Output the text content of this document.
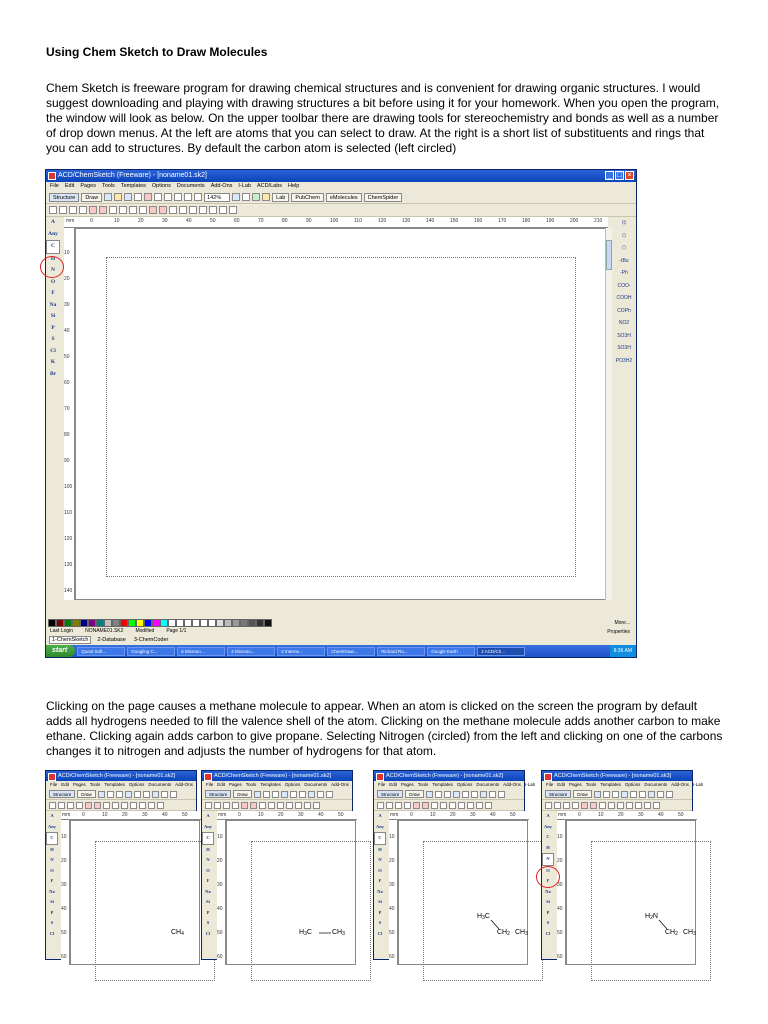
Using Chem Sketch to Draw Molecules
Chem Sketch is freeware program for drawing chemical structures and is convenient for drawing organic structures. I would suggest downloading and playing with drawing structures a bit before using it for your homework. When you open the program, the window will look as below. On the upper toolbar there are drawing tools for stereochemistry and bonds as well as a number of drop down menus. At the left are atoms that you can select to draw. At the right is a short list of substituents and rings that you can add to structures. By default the carbon atom is selected (left circled)
ACD/ChemSketch (Freeware) - [noname01.sk2]	_ □ ×
File Edit Pages Tools Templates Options Documents Add-Ons I-Lab ACD/Labs Help
Structure	Draw	142%	Lab	PubChem	eMolecules	ChemSpider
A
Any
C
H
N
O
F
Na
Si
P
S
Cl
K
Br
⌬
⬡
⬠
-tBu
-Ph
COO-
COOH
COPh
NO2
SO3H
SO3H
PO3H2
mm	0	10	20	30	40	50	60	70	80	90	100	110	120	130	140	150	160	170	180	190	200	210
10
20
30
40
50
60
70
80
90
100
110
120
130
140
More...
Last Login NONAME01.SK2 Modified Page 1/1	Properties
1-ChemSketch 2-Database 3-ChemCoder
start	Quest Soft...	Googling C...	6 Microso...	4 Microso...	2 Interne...	ChemDraw...	Richard Ro...	Google Earth	2 ACD/Ch...	8:36 AM
Clicking on the page causes a methane molecule to appear. When an atom is clicked on the screen the program by default adds all hydrogens needed to fill the valence shell of the atom. Clicking on the methane molecule adds another carbon to make ethane. Clicking again adds carbon to give propane. Selecting Nitrogen (circled) from the left and clicking on one of the carbons changes it to nitrogen and adjusts the number of hydrogens for that atom.
ACD/ChemSketch (Freeware) - [noname01.sk2]
File Edit Pages Tools Templates Options Documents Add-Ons
Structure	Draw
A
Any
C
H
N
O
F
Na
Si
P
S
Cl
mm 0	10	20	30	40	50
10
20
30
40
50
60
$CH_4$
ACD/ChemSketch (Freeware) - [noname01.sk2]
File Edit Pages Tools Templates Options Documents Add-Ons
Structure	Draw
A
Any
C
H
N
O
F
Na
Si
P
S
Cl
mm 0	10	20	30	40	50
10
20
30
40
50
60
$H_3C$	$CH_3$
ACD/ChemSketch (Freeware) - [noname01.sk2]
File Edit Pages Tools Templates Options Documents Add-Ons I-Lab
Structure	Draw
A
Any
C
H
N
O
F
Na
Si
P
S
Cl
mm 0	10	20	30	40	50
10
20
30
40
50
60
$H_3C$
$CH_2$ $CH_3$
ACD/ChemSketch (Freeware) - [noname01.sk3]
File Edit Pages Tools Templates Options Documents Add-Ons I-Lab
Structure	Draw
A
Any
C
H
N
O
F
Na
Si
P
S
Cl
mm 0	10	20	30	40	50
10
20
30
40
50
60
$H_2N$
$CH_2$ $CH_3$
